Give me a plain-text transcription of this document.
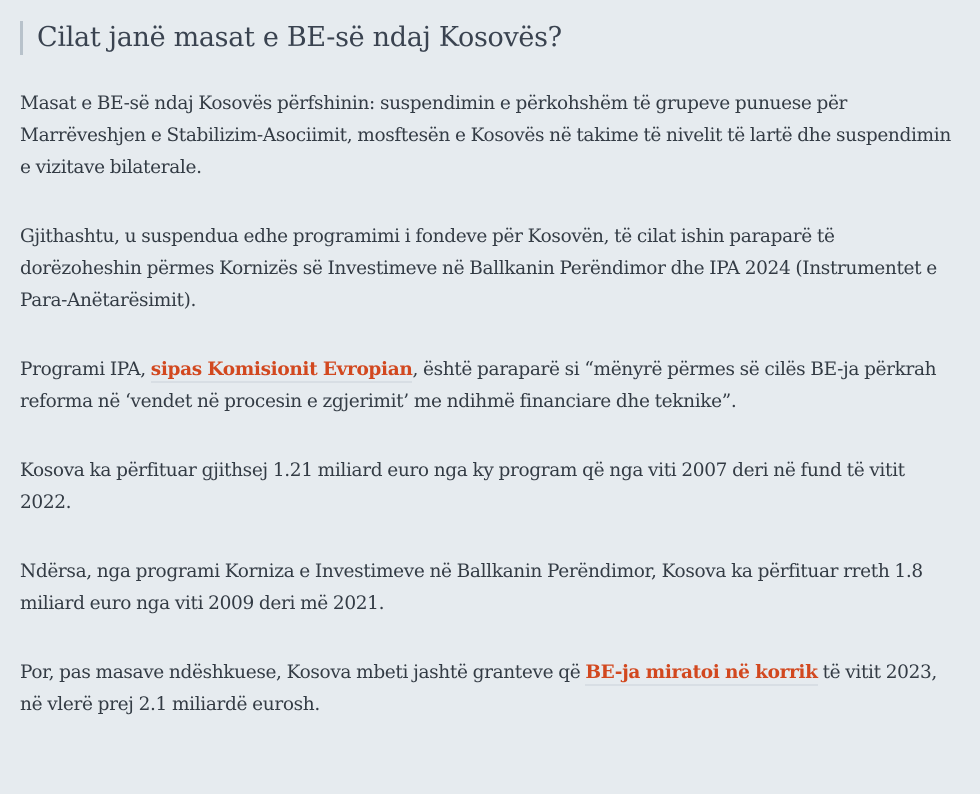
Cilat janë masat e BE-së ndaj Kosovës?

Masat e BE-së ndaj Kosovës përfshinin: suspendimin e përkohshëm të grupeve punuese për Marrëveshjen e Stabilizim-Asociimit, mosftesën e Kosovës në takime të nivelit të lartë dhe suspendimin e vizitave bilaterale.

Gjithashtu, u suspendua edhe programimi i fondeve për Kosovën, të cilat ishin paraparë të dorëzoheshin përmes Kornizës së Investimeve në Ballkanin Perëndimor dhe IPA 2024 (Instrumentet e Para-Anëtarësimit).

Programi IPA, sipas Komisionit Evropian, është paraparë si “mënyrë përmes së cilës BE-ja përkrah reforma në ‘vendet në procesin e zgjerimit’ me ndihmë financiare dhe teknike”.

Kosova ka përfituar gjithsej 1.21 miliard euro nga ky program që nga viti 2007 deri në fund të vitit 2022.

Ndërsa, nga programi Korniza e Investimeve në Ballkanin Perëndimor, Kosova ka përfituar rreth 1.8 miliard euro nga viti 2009 deri më 2021.

Por, pas masave ndëshkuese, Kosova mbeti jashtë granteve që BE-ja miratoi në korrik të vitit 2023, në vlerë prej 2.1 miliardë eurosh.
